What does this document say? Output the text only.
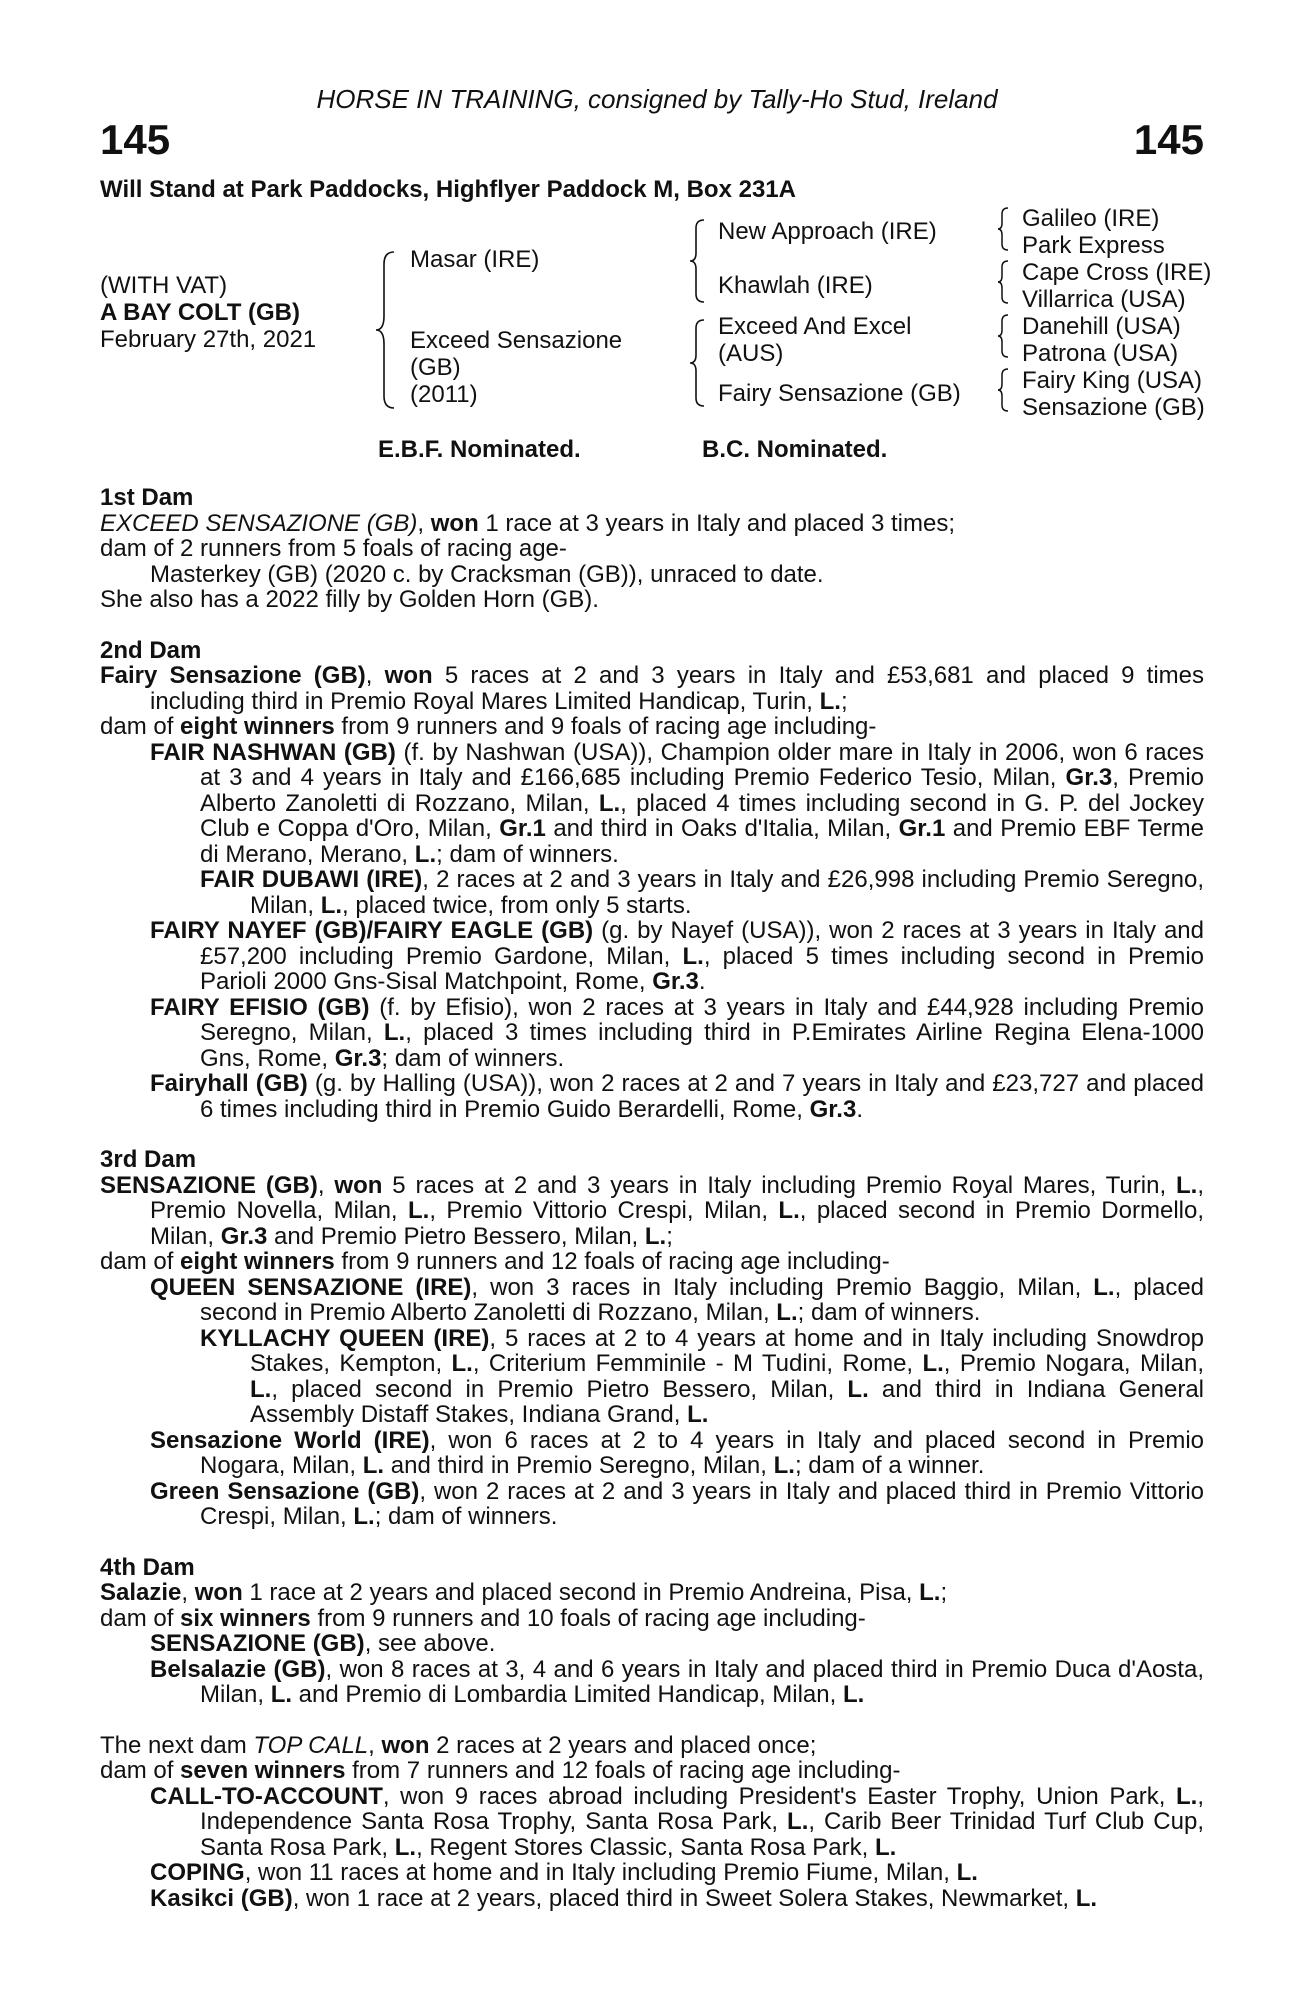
HORSE IN TRAINING, consigned by Tally-Ho Stud, Ireland
145	145
Will Stand at Park Paddocks, Highflyer Paddock M, Box 231A
(WITH VAT)
A BAY COLT (GB)
February 27th, 2021
Masar (IRE)
Exceed Sensazione
(GB)
(2011)
New Approach (IRE)
Khawlah (IRE)
Exceed And Excel
(AUS)
Fairy Sensazione (GB)
Galileo (IRE)
Park Express
Cape Cross (IRE)
Villarrica (USA)
Danehill (USA)
Patrona (USA)
Fairy King (USA)
Sensazione (GB)
E.B.F. Nominated.	B.C. Nominated.

1st Dam

EXCEED SENSAZIONE (GB), won 1 race at 3 years in Italy and placed 3 times;

dam of 2 runners from 5 foals of racing age-

Masterkey (GB) (2020 c. by Cracksman (GB)), unraced to date.

She also has a 2022 filly by Golden Horn (GB).

2nd Dam

Fairy Sensazione (GB), won 5 races at 2 and 3 years in Italy and £53,681 and placed 9 times including third in Premio Royal Mares Limited Handicap, Turin, L.;

dam of eight winners from 9 runners and 9 foals of racing age including-

FAIR NASHWAN (GB) (f. by Nashwan (USA)), Champion older mare in Italy in 2006, won 6 races at 3 and 4 years in Italy and £166,685 including Premio Federico Tesio, Milan, Gr.3, Premio Alberto Zanoletti di Rozzano, Milan, L., placed 4 times including second in G. P. del Jockey Club e Coppa d'Oro, Milan, Gr.1 and third in Oaks d'Italia, Milan, Gr.1 and Premio EBF Terme di Merano, Merano, L.; dam of winners.

FAIR DUBAWI (IRE), 2 races at 2 and 3 years in Italy and £26,998 including Premio Seregno, Milan, L., placed twice, from only 5 starts.

FAIRY NAYEF (GB)/FAIRY EAGLE (GB) (g. by Nayef (USA)), won 2 races at 3 years in Italy and £57,200 including Premio Gardone, Milan, L., placed 5 times including second in Premio Parioli 2000 Gns-Sisal Matchpoint, Rome, Gr.3.

FAIRY EFISIO (GB) (f. by Efisio), won 2 races at 3 years in Italy and £44,928 including Premio Seregno, Milan, L., placed 3 times including third in P.Emirates Airline Regina Elena-1000 Gns, Rome, Gr.3; dam of winners.

Fairyhall (GB) (g. by Halling (USA)), won 2 races at 2 and 7 years in Italy and £23,727 and placed 6 times including third in Premio Guido Berardelli, Rome, Gr.3.

3rd Dam

SENSAZIONE (GB), won 5 races at 2 and 3 years in Italy including Premio Royal Mares, Turin, L., Premio Novella, Milan, L., Premio Vittorio Crespi, Milan, L., placed second in Premio Dormello, Milan, Gr.3 and Premio Pietro Bessero, Milan, L.;

dam of eight winners from 9 runners and 12 foals of racing age including-

QUEEN SENSAZIONE (IRE), won 3 races in Italy including Premio Baggio, Milan, L., placed second in Premio Alberto Zanoletti di Rozzano, Milan, L.; dam of winners.

KYLLACHY QUEEN (IRE), 5 races at 2 to 4 years at home and in Italy including Snowdrop Stakes, Kempton, L., Criterium Femminile - M Tudini, Rome, L., Premio Nogara, Milan, L., placed second in Premio Pietro Bessero, Milan, L. and third in Indiana General Assembly Distaff Stakes, Indiana Grand, L.

Sensazione World (IRE), won 6 races at 2 to 4 years in Italy and placed second in Premio Nogara, Milan, L. and third in Premio Seregno, Milan, L.; dam of a winner.

Green Sensazione (GB), won 2 races at 2 and 3 years in Italy and placed third in Premio Vittorio Crespi, Milan, L.; dam of winners.

4th Dam

Salazie, won 1 race at 2 years and placed second in Premio Andreina, Pisa, L.;

dam of six winners from 9 runners and 10 foals of racing age including-

SENSAZIONE (GB), see above.

Belsalazie (GB), won 8 races at 3, 4 and 6 years in Italy and placed third in Premio Duca d'Aosta, Milan, L. and Premio di Lombardia Limited Handicap, Milan, L.

The next dam TOP CALL, won 2 races at 2 years and placed once;

dam of seven winners from 7 runners and 12 foals of racing age including-

CALL-TO-ACCOUNT, won 9 races abroad including President's Easter Trophy, Union Park, L., Independence Santa Rosa Trophy, Santa Rosa Park, L., Carib Beer Trinidad Turf Club Cup, Santa Rosa Park, L., Regent Stores Classic, Santa Rosa Park, L.

COPING, won 11 races at home and in Italy including Premio Fiume, Milan, L.

Kasikci (GB), won 1 race at 2 years, placed third in Sweet Solera Stakes, Newmarket, L.
